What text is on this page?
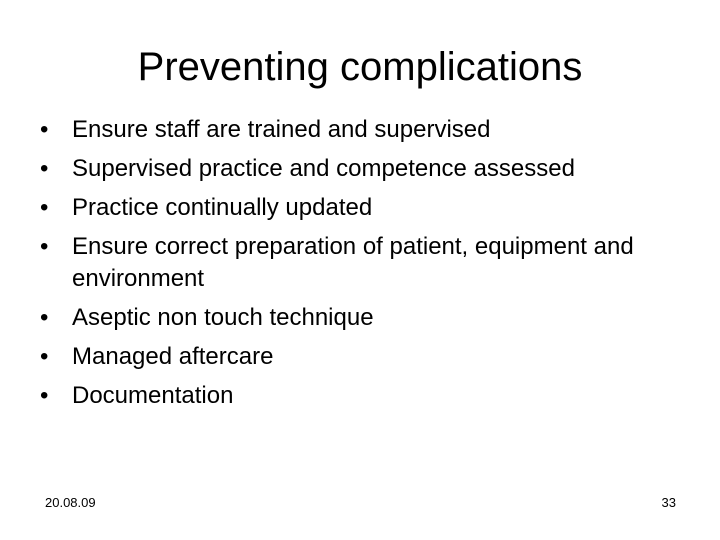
Preventing complications
• Ensure staff are trained and supervised
• Supervised practice and competence assessed
• Practice continually updated
• Ensure correct preparation of patient, equipment and environment
• Aseptic non touch technique
• Managed aftercare
• Documentation
20.08.09	33
